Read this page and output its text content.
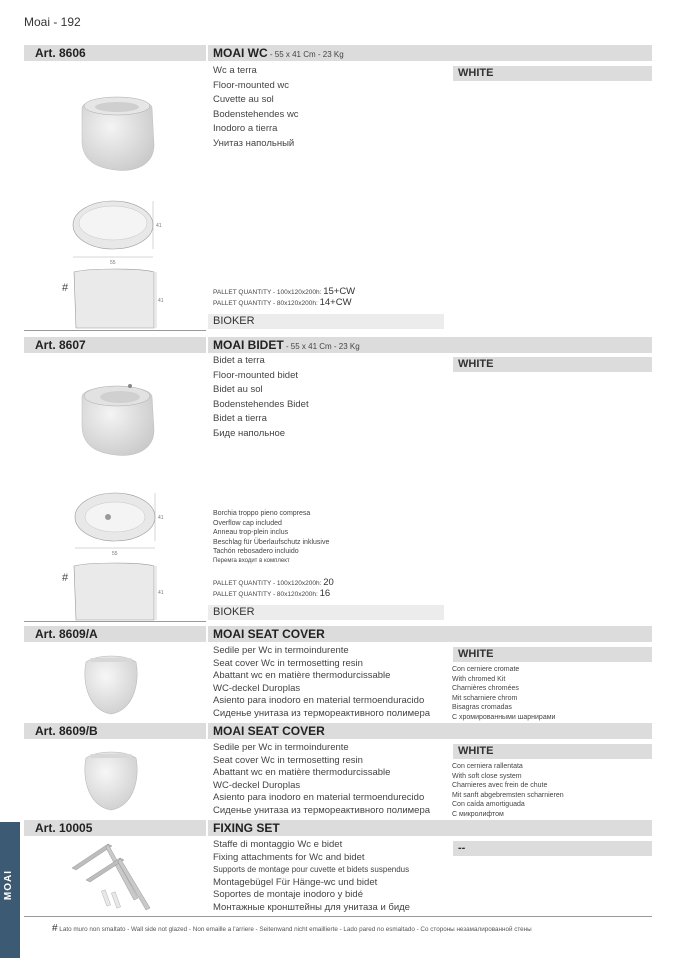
Moai - 192
Art. 8606	MOAI WC - 55 x 41 Cm - 23 Kg
Wc a terra
Floor-mounted wc
Cuvette au sol
Bodenstehendes wc
Inodoro a tierra
Унитаз напольный
WHITE
41
55
#
41
PALLET QUANTITY - 100x120x200h: 15+CW
PALLET QUANTITY - 80x120x200h: 14+CW
BIOKER
Art. 8607	MOAI BIDET - 55 x 41 Cm - 23 Kg
Bidet a terra
Floor-mounted bidet
Bidet au sol
Bodenstehendes Bidet
Bidet a tierra
Биде напольное
WHITE
41
55
Borchia troppo pieno compresa
Overflow cap included
Anneau trop-plein inclus
Beschlag für Überlaufschutz inklusive
Tachón rebosadero incluido
Перемга входит в комплект
#
41
PALLET QUANTITY - 100x120x200h: 20
PALLET QUANTITY - 80x120x200h: 16
BIOKER
Art. 8609/A	MOAI SEAT COVER
Sedile per Wc in termoindurente
Seat cover Wc in termosetting resin
Abattant wc en matière thermodurcissable
WC-deckel Duroplas
Asiento para inodoro en material termoenduracido
Сиденье унитаза из термореактивного полимера
WHITE
Con cerniere cromate
With chromed Kit
Charnières chromées
Mit scharniere chrom
Bisagras cromadas
С хромированными шарнирами
Art. 8609/B	MOAI SEAT COVER
Sedile per Wc in termoindurente
Seat cover Wc in termosetting resin
Abattant wc en matière thermodurcissable
WC-deckel Duroplas
Asiento para inodoro en material termoendurecido
Сиденье унитаза из термореактивного полимера
WHITE
Con cerniera rallentata
With soft close system
Charnieres avec frein de chute
Mit sanft abgebremsten scharnieren
Con caída amortiguada
С микролифтом
Art. 10005	FIXING SET
Staffe di montaggio Wc e bidet
Fixing attachments for Wc and bidet
Supports de montage pour cuvette et bidets suspendus
Montagebügel Für Hänge-wc und bidet
Soportes de montaje inodoro y bidé
Монтажные кронштейны для унитаза и биде
--
# Lato muro non smaltato - Wall side not glazed - Non emaille a l'arriere - Seitenwand nicht emaillierte - Lado pared no esmaltado - Со стороны незамалированной стены
MOAI
